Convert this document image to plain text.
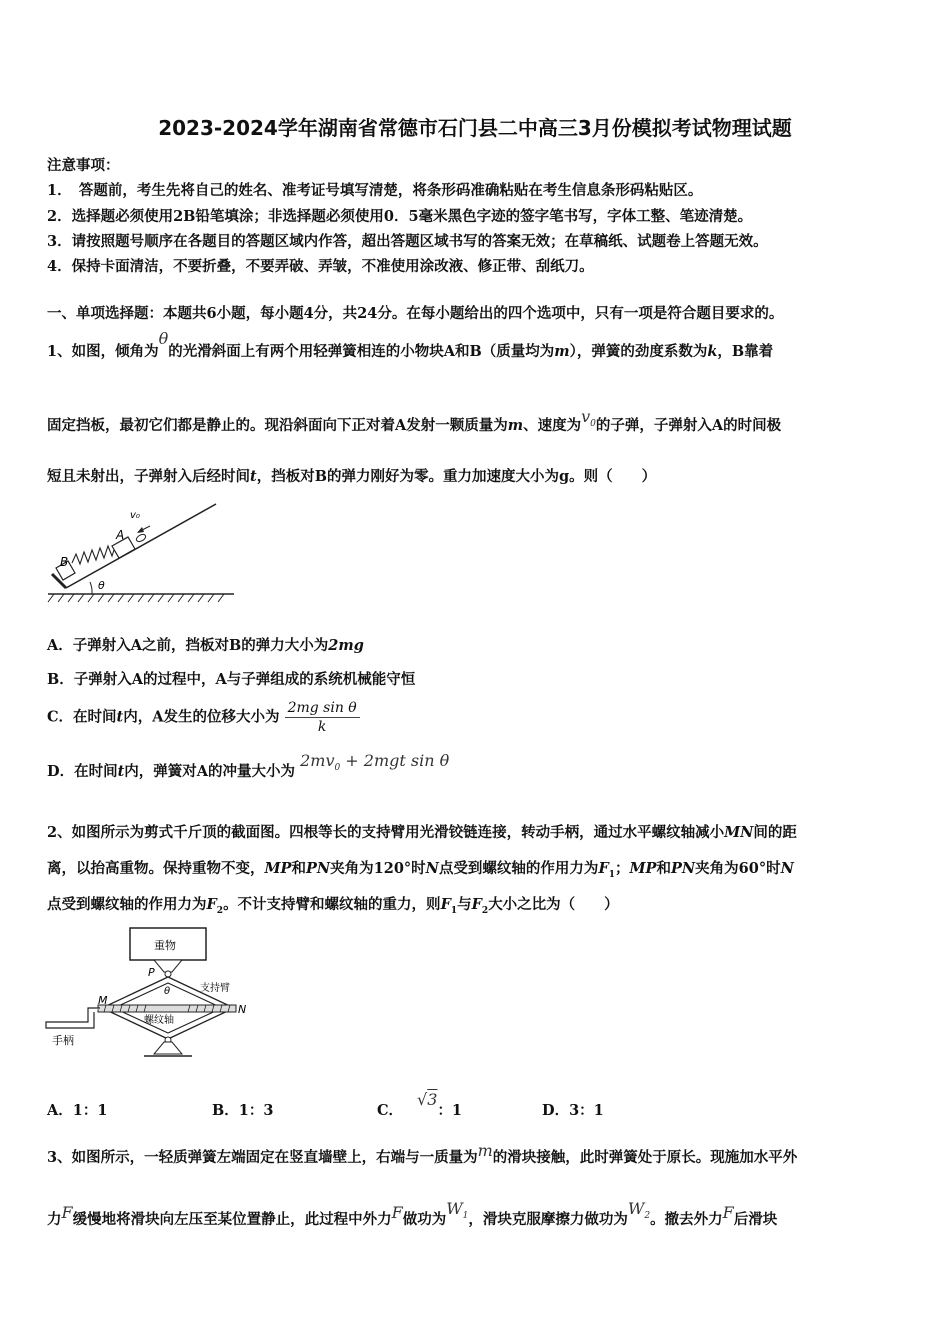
2023-2024学年湖南省常德市石门县二中高三3月份模拟考试物理试题
注意事项：
1．　答题前，考生先将自己的姓名、准考证号填写清楚，将条形码准确粘贴在考生信息条形码粘贴区。
2．选择题必须使用2B铅笔填涂；非选择题必须使用0．5毫米黑色字迹的签字笔书写，字体工整、笔迹清楚。
3．请按照题号顺序在各题目的答题区域内作答，超出答题区域书写的答案无效；在草稿纸、试题卷上答题无效。
4．保持卡面清洁，不要折叠，不要弄破、弄皱，不准使用涂改液、修正带、刮纸刀。
一、单项选择题：本题共6小题，每小题4分，共24分。在每小题给出的四个选项中，只有一项是符合题目要求的。
1、如图，倾角为θ的光滑斜面上有两个用轻弹簧相连的小物块A和B（质量均为m），弹簧的劲度系数为k，B靠着
固定挡板，最初它们都是静止的。现沿斜面向下正对着A发射一颗质量为m、速度为$v_0$的子弹，子弹射入A的时间极
短且未射出，子弹射入后经时间t，挡板对B的弹力刚好为零。重力加速度大小为g。则（　　）
v₀
A
B
θ
A．子弹射入A之前，挡板对B的弹力大小为2mg
B．子弹射入A的过程中，A与子弹组成的系统机械能守恒
C．在时间t内，A发生的位移大小为 $\frac{\text{2mg sin θ}}{k}$
D．在时间t内，弹簧对A的冲量大小为 $2mv_0 + 2mgt$ sin θ
2、如图所示为剪式千斤顶的截面图。四根等长的支持臂用光滑铰链连接，转动手柄，通过水平螺纹轴减小MN间的距
离，以抬高重物。保持重物不变，MP和PN夹角为120°时N点受到螺纹轴的作用力为$F_1$；MP和PN夹角为60°时N
点受到螺纹轴的作用力为$F_2$。不计支持臂和螺纹轴的重力，则$F_1$与$F_2$大小之比为（　　）
重物
手柄
螺纹轴
支持臂
P
M
N
θ
A．1：1	B．1：3	C．√3：1	D．3：1
3、如图所示，一轻质弹簧左端固定在竖直墙壁上，右端与一质量为m的滑块接触，此时弹簧处于原长。现施加水平外
力F缓慢地将滑块向左压至某位置静止，此过程中外力F做功为$W_1$，滑块克服摩擦力做功为$W_2$。撤去外力F后滑块
